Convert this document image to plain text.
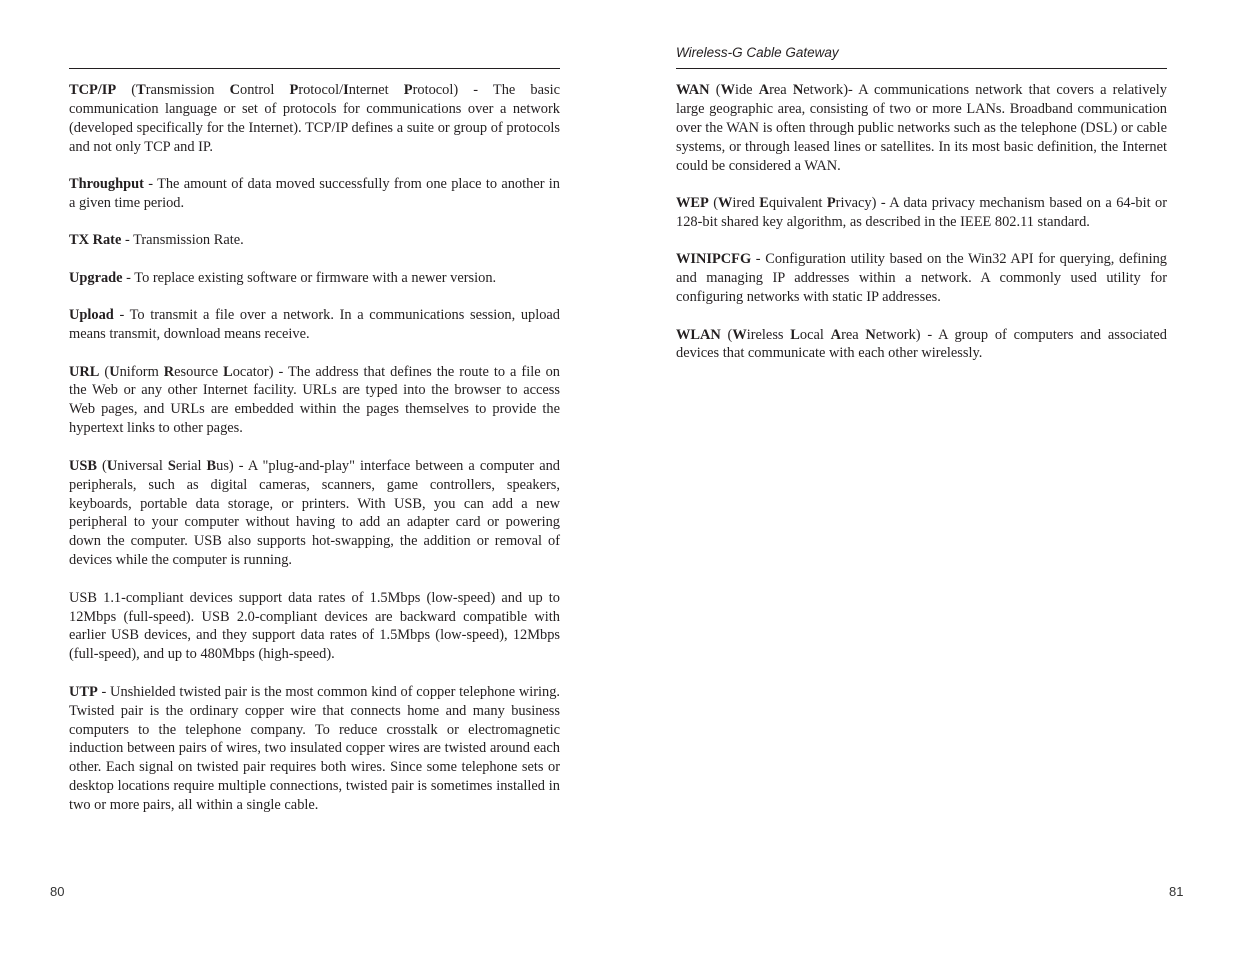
Wireless-G Cable Gateway

TCP/IP (Transmission Control Protocol/Internet Protocol) - The basic communication language or set of protocols for communications over a network (developed specifically for the Internet). TCP/IP defines a suite or group of protocols and not only TCP and IP.

Throughput - The amount of data moved successfully from one place to another in a given time period.

TX Rate - Transmission Rate.

Upgrade - To replace existing software or firmware with a newer version.

Upload - To transmit a file over a network. In a communications session, upload means transmit, download means receive.

URL (Uniform Resource Locator) - The address that defines the route to a file on the Web or any other Internet facility. URLs are typed into the browser to access Web pages, and URLs are embedded within the pages themselves to provide the hypertext links to other pages.

USB (Universal Serial Bus) - A "plug-and-play" interface between a computer and peripherals, such as digital cameras, scanners, game controllers, speakers, keyboards, portable data storage, or printers. With USB, you can add a new peripheral to your computer without having to add an adapter card or powering down the computer. USB also supports hot-swapping, the addition or removal of devices while the computer is running.

USB 1.1-compliant devices support data rates of 1.5Mbps (low-speed) and up to 12Mbps (full-speed). USB 2.0-compliant devices are backward compatible with earlier USB devices, and they support data rates of 1.5Mbps (low-speed), 12Mbps (full-speed), and up to 480Mbps (high-speed).

UTP - Unshielded twisted pair is the most common kind of copper telephone wiring. Twisted pair is the ordinary copper wire that connects home and many business computers to the telephone company. To reduce crosstalk or electromagnetic induction between pairs of wires, two insulated copper wires are twisted around each other. Each signal on twisted pair requires both wires. Since some telephone sets or desktop locations require multiple connections, twisted pair is sometimes installed in two or more pairs, all within a single cable.

WAN (Wide Area Network)- A communications network that covers a relatively large geographic area, consisting of two or more LANs. Broadband communication over the WAN is often through public networks such as the telephone (DSL) or cable systems, or through leased lines or satellites. In its most basic definition, the Internet could be considered a WAN.

WEP (Wired Equivalent Privacy) - A data privacy mechanism based on a 64-bit or 128-bit shared key algorithm, as described in the IEEE 802.11 standard.

WINIPCFG - Configuration utility based on the Win32 API for querying, defining and managing IP addresses within a network. A commonly used utility for configuring networks with static IP addresses.

WLAN (Wireless Local Area Network) - A group of computers and associated devices that communicate with each other wirelessly.

80	81
